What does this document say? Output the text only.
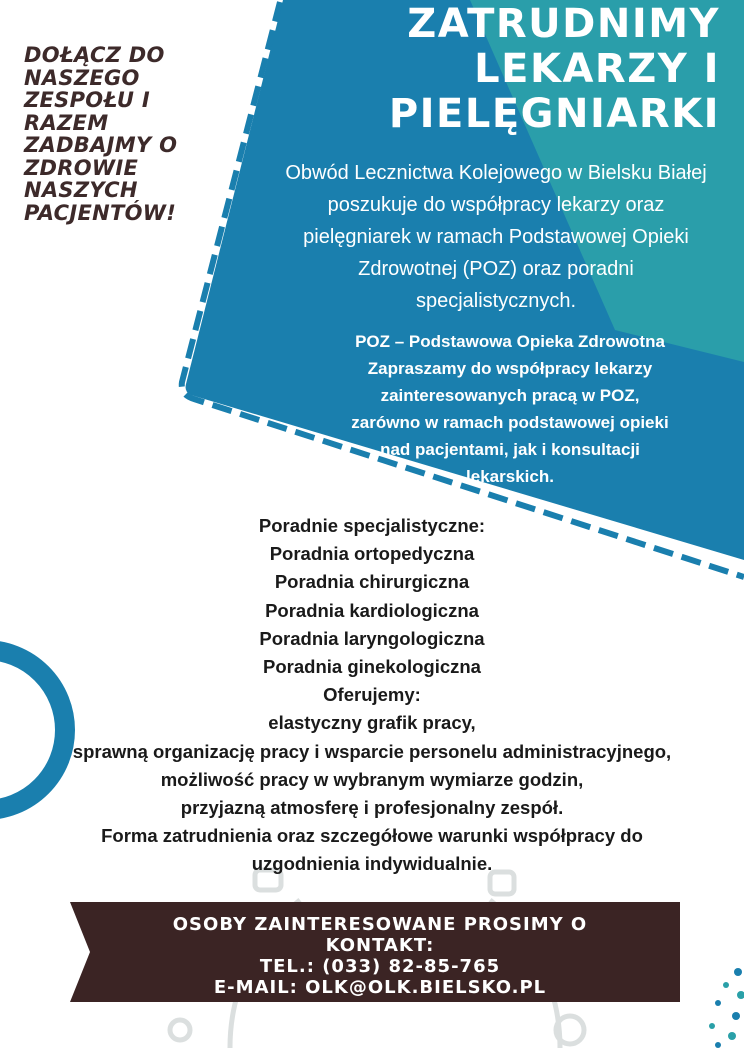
DOŁĄCZ DO
NASZEGO
ZESPOŁU I
RAZEM
ZADBAJMY O
ZDROWIE
NASZYCH
PACJENTÓW!
ZATRUDNIMY
LEKARZY I
PIELĘGNIARKI
Obwód Lecznictwa Kolejowego w Bielsku Białej
poszukuje do współpracy lekarzy oraz
pielęgniarek w ramach Podstawowej Opieki
Zdrowotnej (POZ) oraz poradni
specjalistycznych.
POZ – Podstawowa Opieka Zdrowotna
Zapraszamy do współpracy lekarzy
zainteresowanych pracą w POZ,
zarówno w ramach podstawowej opieki
nad pacjentami, jak i konsultacji
lekarskich.
Poradnie specjalistyczne:
Poradnia ortopedyczna
Poradnia chirurgiczna
Poradnia kardiologiczna
Poradnia laryngologiczna
Poradnia ginekologiczna
Oferujemy:
elastyczny grafik pracy,
sprawną organizację pracy i wsparcie personelu administracyjnego,
możliwość pracy w wybranym wymiarze godzin,
przyjazną atmosferę i profesjonalny zespół.
Forma zatrudnienia oraz szczegółowe warunki współpracy do
uzgodnienia indywidualnie.
OSOBY ZAINTERESOWANE PROSIMY O
KONTAKT:
TEL.: (033) 82-85-765
E-MAIL: OLK@OLK.BIELSKO.PL
